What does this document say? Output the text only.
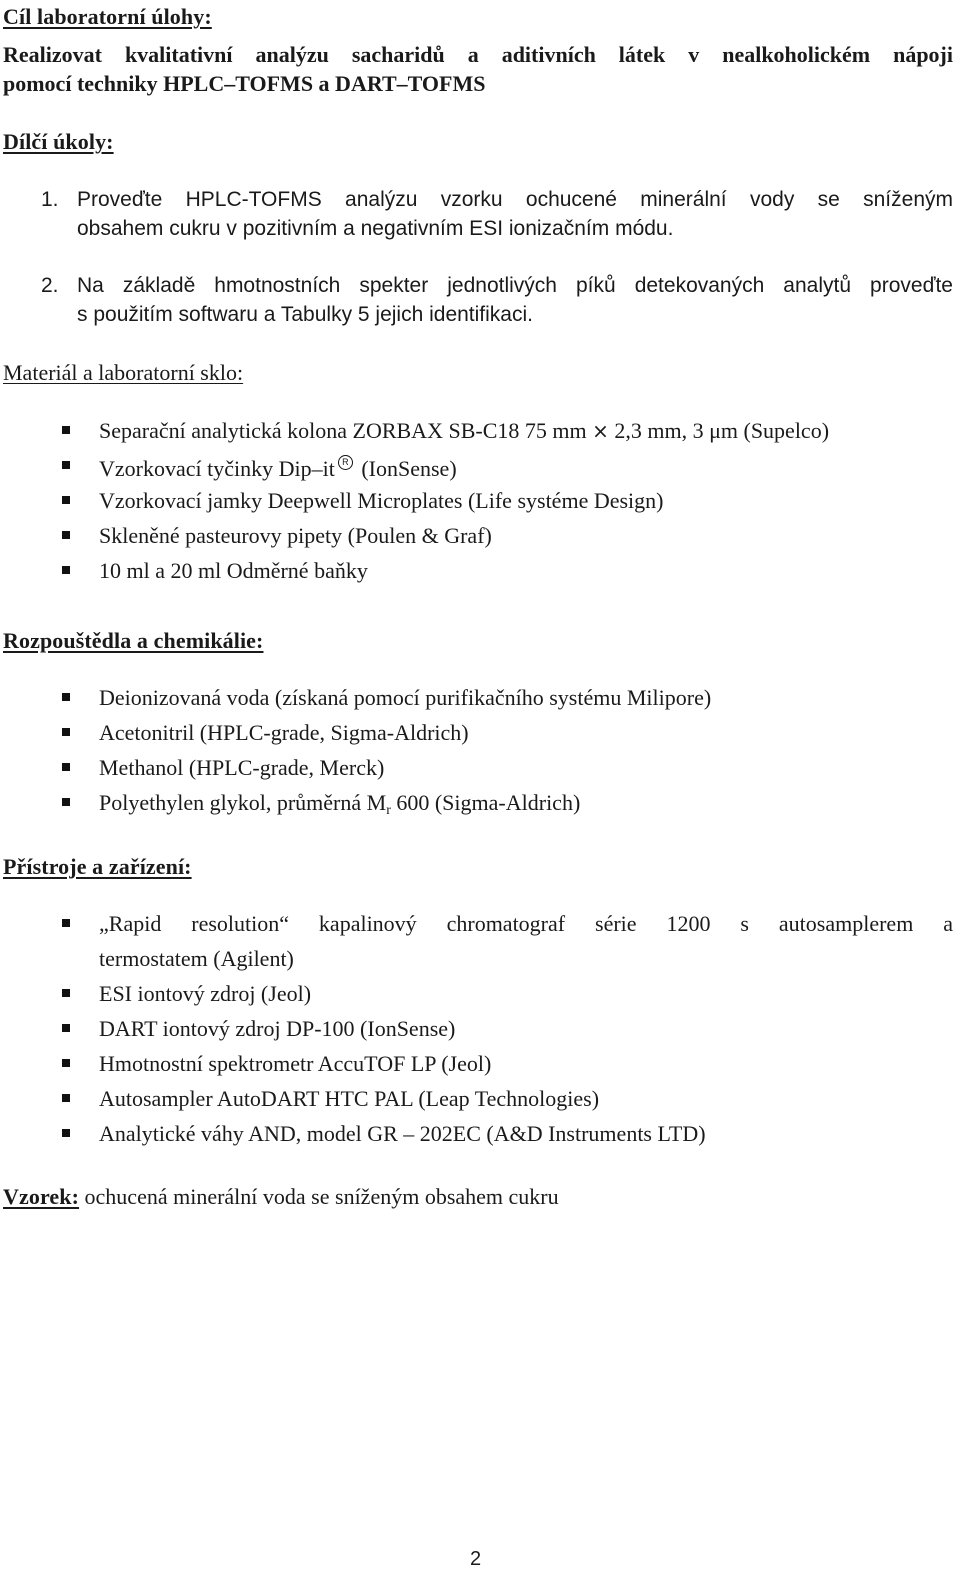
Cíl laboratorní úlohy:
Realizovat kvalitativní analýzu sacharidů a aditivních látek v nealkoholickém nápoji
pomocí techniky HPLC–TOFMS a DART–TOFMS
Dílčí úkoly:
1. Proveďte HPLC-TOFMS analýzu vzorku ochucené minerální vody se sníženým
obsahem cukru v pozitivním a negativním ESI ionizačním módu.
2. Na základě hmotnostních spekter jednotlivých píků detekovaných analytů proveďte
s použitím softwaru a Tabulky 5 jejich identifikaci.
Materiál a laboratorní sklo:
Separační analytická kolona ZORBAX SB-C18 75 mm × 2,3 mm, 3 μm (Supelco)
Vzorkovací tyčinky Dip–it R (IonSense)
Vzorkovací jamky Deepwell Microplates (Life systéme Design)
Skleněné pasteurovy pipety (Poulen & Graf)
10 ml a 20 ml Odměrné baňky
Rozpouštědla a chemikálie:
Deionizovaná voda (získaná pomocí purifikačního systému Milipore)
Acetonitril (HPLC-grade, Sigma-Aldrich)
Methanol (HPLC-grade, Merck)
Polyethylen glykol, průměrná $M_r$ 600 (Sigma-Aldrich)
Přístroje a zařízení:
„Rapid resolution“ kapalinový chromatograf série 1200 s autosamplerem a
termostatem (Agilent)
ESI iontový zdroj (Jeol)
DART iontový zdroj DP-100 (IonSense)
Hmotnostní spektrometr AccuTOF LP (Jeol)
Autosampler AutoDART HTC PAL (Leap Technologies)
Analytické váhy AND, model GR – 202EC (A&D Instruments LTD)
Vzorek: ochucená minerální voda se sníženým obsahem cukru
2
